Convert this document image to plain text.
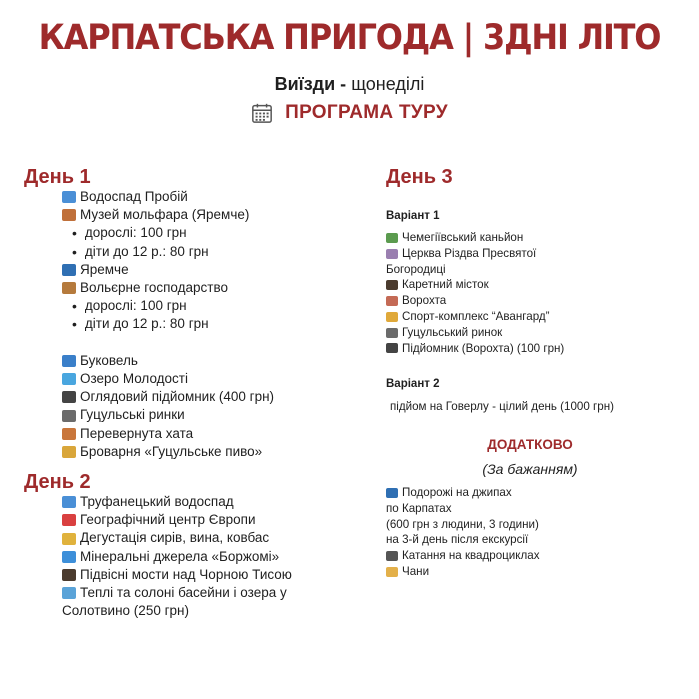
КАРПАТСЬКА ПРИГОДА | 3ДНІ ЛІТО
Виїзди - щонеділі
ПРОГРАМА ТУРУ
День 1
Водоспад Пробій
Музей мольфара (Яремче)
• дорослі: 100 грн
• діти до 12 р.: 80 грн
Яремче
Вольєрне господарство
• дорослі: 100 грн
• діти до 12 р.: 80 грн
Буковель
Озеро Молодості
Оглядовий підйомник (400 грн)
Гуцульські ринки
Перевернута хата
Броварня «Гуцульське пиво»
День 2
Труфанецький водоспад
Географічний центр Європи
Дегустація сирів, вина, ковбас
Мінеральні джерела «Боржомі»
Підвісні мости над Чорною Тисою
Теплі та солоні басейни і озера у
Солотвино (250 грн)
День 3
Варіант 1
Чемегіївський каньйон
Церква Різдва Пресвятої
Богородиці
Каретний місток
Ворохта
Спорт-комплекс “Авангард”
Гуцульський ринок
Підйомник (Ворохта) (100 грн)
Варіант 2
підйом на Говерлу - цілий день (1000 грн)
ДОДАТКОВО
(За бажанням)
Подорожі на джипах
по Карпатах
(600 грн з людини, 3 години)
на 3-й день після екскурсії
Катання на квадроциклах
Чани
